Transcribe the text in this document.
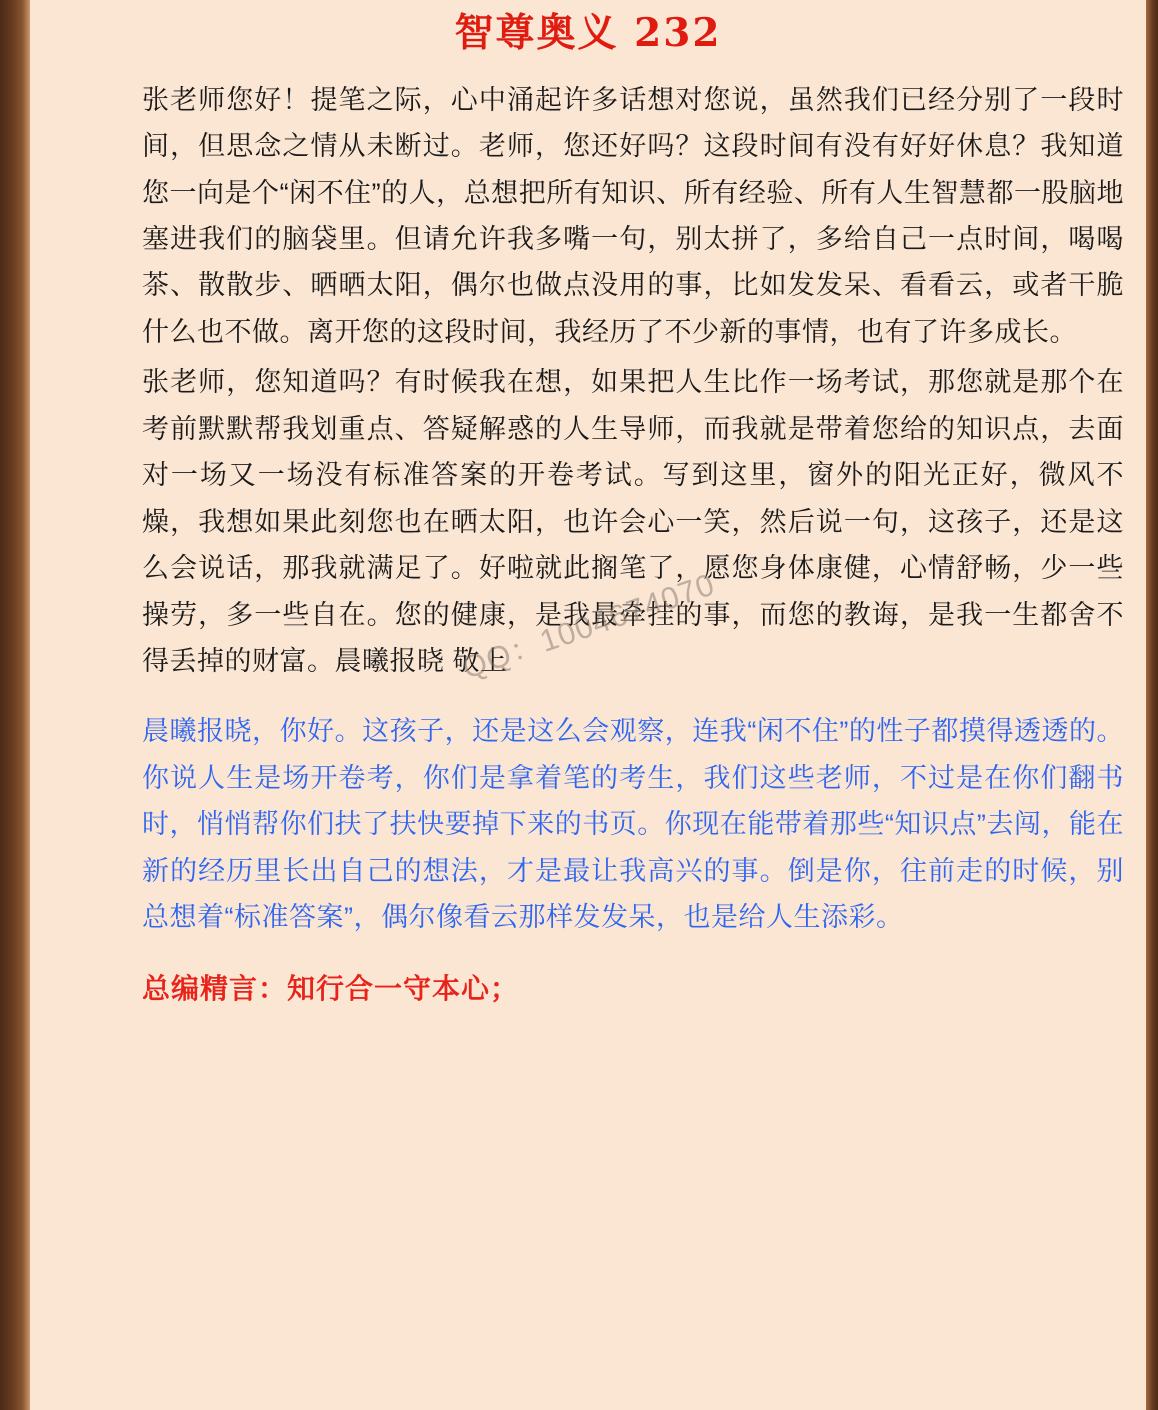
智尊奥义 232

张老师您好！提笔之际，心中涌起许多话想对您说，虽然我们已经分别了一段时间，但思念之情从未断过。老师，您还好吗？这段时间有没有好好休息？我知道您一向是个“闲不住”的人，总想把所有知识、所有经验、所有人生智慧都一股脑地塞进我们的脑袋里。但请允许我多嘴一句，别太拼了，多给自己一点时间，喝喝茶、散散步、晒晒太阳，偶尔也做点没用的事，比如发发呆、看看云，或者干脆什么也不做。离开您的这段时间，我经历了不少新的事情，也有了许多成长。

张老师，您知道吗？有时候我在想，如果把人生比作一场考试，那您就是那个在考前默默帮我划重点、答疑解惑的人生导师，而我就是带着您给的知识点，去面对一场又一场没有标准答案的开卷考试。写到这里，窗外的阳光正好，微风不燥，我想如果此刻您也在晒太阳，也许会心一笑，然后说一句，这孩子，还是这么会说话，那我就满足了。好啦就此搁笔了，愿您身体康健，心情舒畅，少一些操劳，多一些自在。您的健康，是我最牵挂的事，而您的教诲，是我一生都舍不得丢掉的财富。晨曦报晓 敬上

晨曦报晓，你好。这孩子，还是这么会观察，连我“闲不住”的性子都摸得透透的。你说人生是场开卷考，你们是拿着笔的考生，我们这些老师，不过是在你们翻书时，悄悄帮你们扶了扶快要掉下来的书页。你现在能带着那些“知识点”去闯，能在新的经历里长出自己的想法，才是最让我高兴的事。倒是你，往前走的时候，别总想着“标准答案”，偶尔像看云那样发发呆，也是给人生添彩。

总编精言：知行合一守本心；

QQ：1004674070
